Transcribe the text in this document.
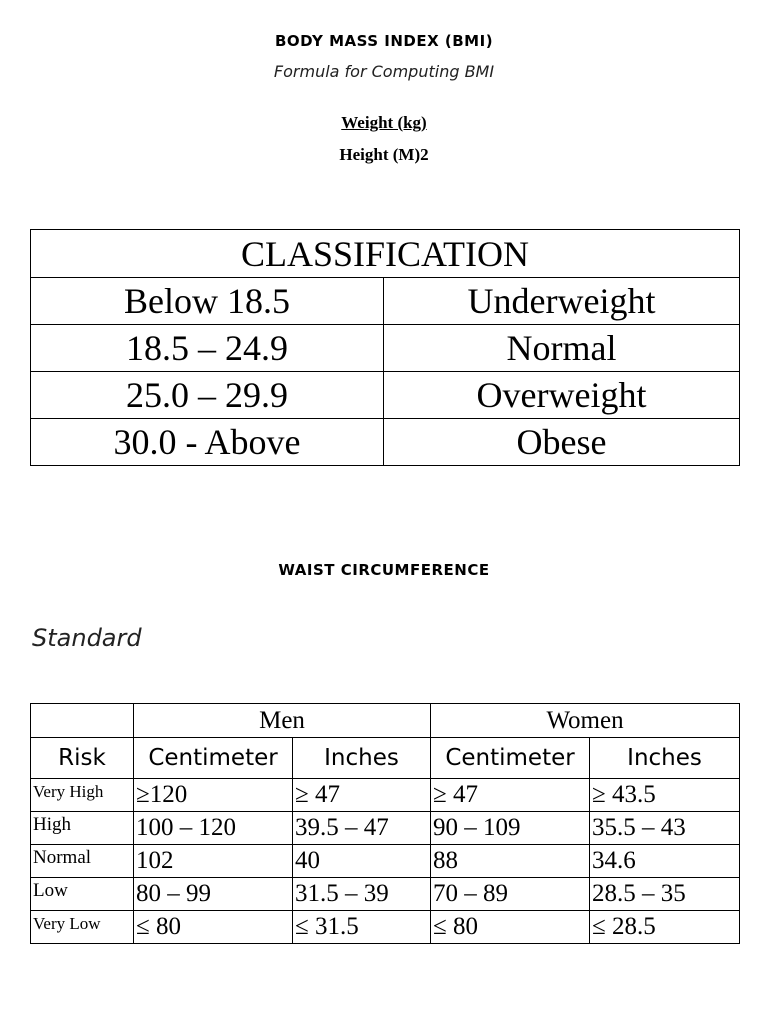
BODY MASS INDEX (BMI)
Formula for Computing BMI
Weight (kg)
Height (M)2
CLASSIFICATION	
Below 18.5	Underweight
18.5 – 24.9	Normal
25.0 – 29.9	Overweight
30.0 - Above	Obese
WAIST CIRCUMFERENCE
Standard
	Men		Women	
Risk	Centimeter	Inches	Centimeter	Inches
Very High	≥120	≥ 47	≥ 47	≥ 43.5
High	100 – 120	39.5 – 47	90 – 109	35.5 – 43
Normal	102	40	88	34.6
Low	80 – 99	31.5 – 39	70 – 89	28.5 – 35
Very Low	≤ 80	≤ 31.5	≤ 80	≤ 28.5
